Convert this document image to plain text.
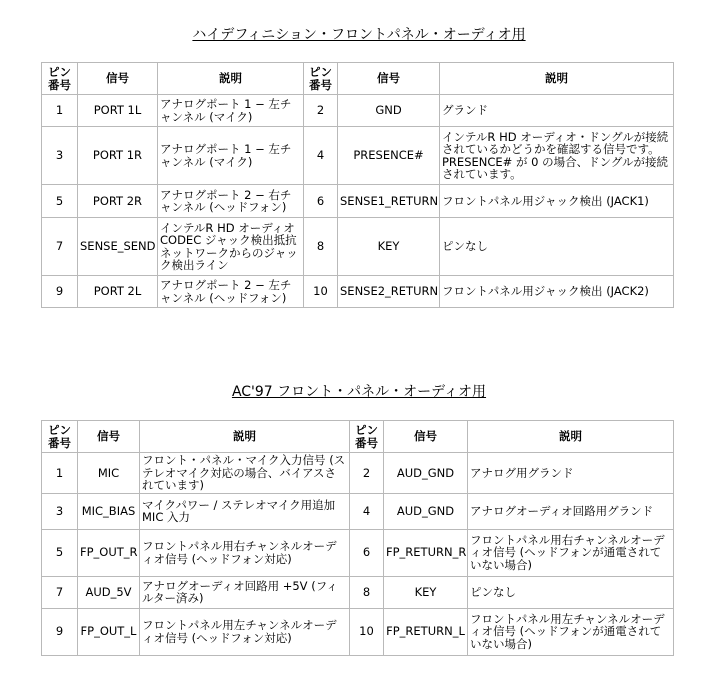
ハイデフィニション・フロントパネル・オーディオ用
ピン番号	信号	説明	ピン番号	信号	説明
1	PORT 1L	アナログポート 1 − 左チャンネル (マイク)	2	GND	グランド
3	PORT 1R	アナログポート 1 − 左チャンネル (マイク)	4	PRESENCE#	インテルR HD オーディオ・ドングルが接続されているかどうかを確認する信号です。PRESENCE# が 0 の場合、ドングルが接続されています。
5	PORT 2R	アナログポート 2 − 右チャンネル (ヘッドフォン)	6	SENSE1_RETURN	フロントパネル用ジャック検出 (JACK1)
7	SENSE_SEND	インテルR HD オーディオ CODEC ジャック検出抵抗ネットワークからのジャック検出ライン	8	KEY	ピンなし
9	PORT 2L	アナログポート 2 − 左チャンネル (ヘッドフォン)	10	SENSE2_RETURN	フロントパネル用ジャック検出 (JACK2)
AC'97 フロント・パネル・オーディオ用
ピン番号	信号	説明	ピン番号	信号	説明
1	MIC	フロント・パネル・マイク入力信号 (ステレオマイク対応の場合、バイアスされています)	2	AUD_GND	アナログ用グランド
3	MIC_BIAS	マイクパワー / ステレオマイク用追加 MIC 入力	4	AUD_GND	アナログオーディオ回路用グランド
5	FP_OUT_R	フロントパネル用右チャンネルオーディオ信号 (ヘッドフォン対応)	6	FP_RETURN_R	フロントパネル用右チャンネルオーディオ信号 (ヘッドフォンが通電されていない場合)
7	AUD_5V	アナログオーディオ回路用 +5V (フィルター済み)	8	KEY	ピンなし
9	FP_OUT_L	フロントパネル用左チャンネルオーディオ信号 (ヘッドフォン対応)	10	FP_RETURN_L	フロントパネル用左チャンネルオーディオ信号 (ヘッドフォンが通電されていない場合)
